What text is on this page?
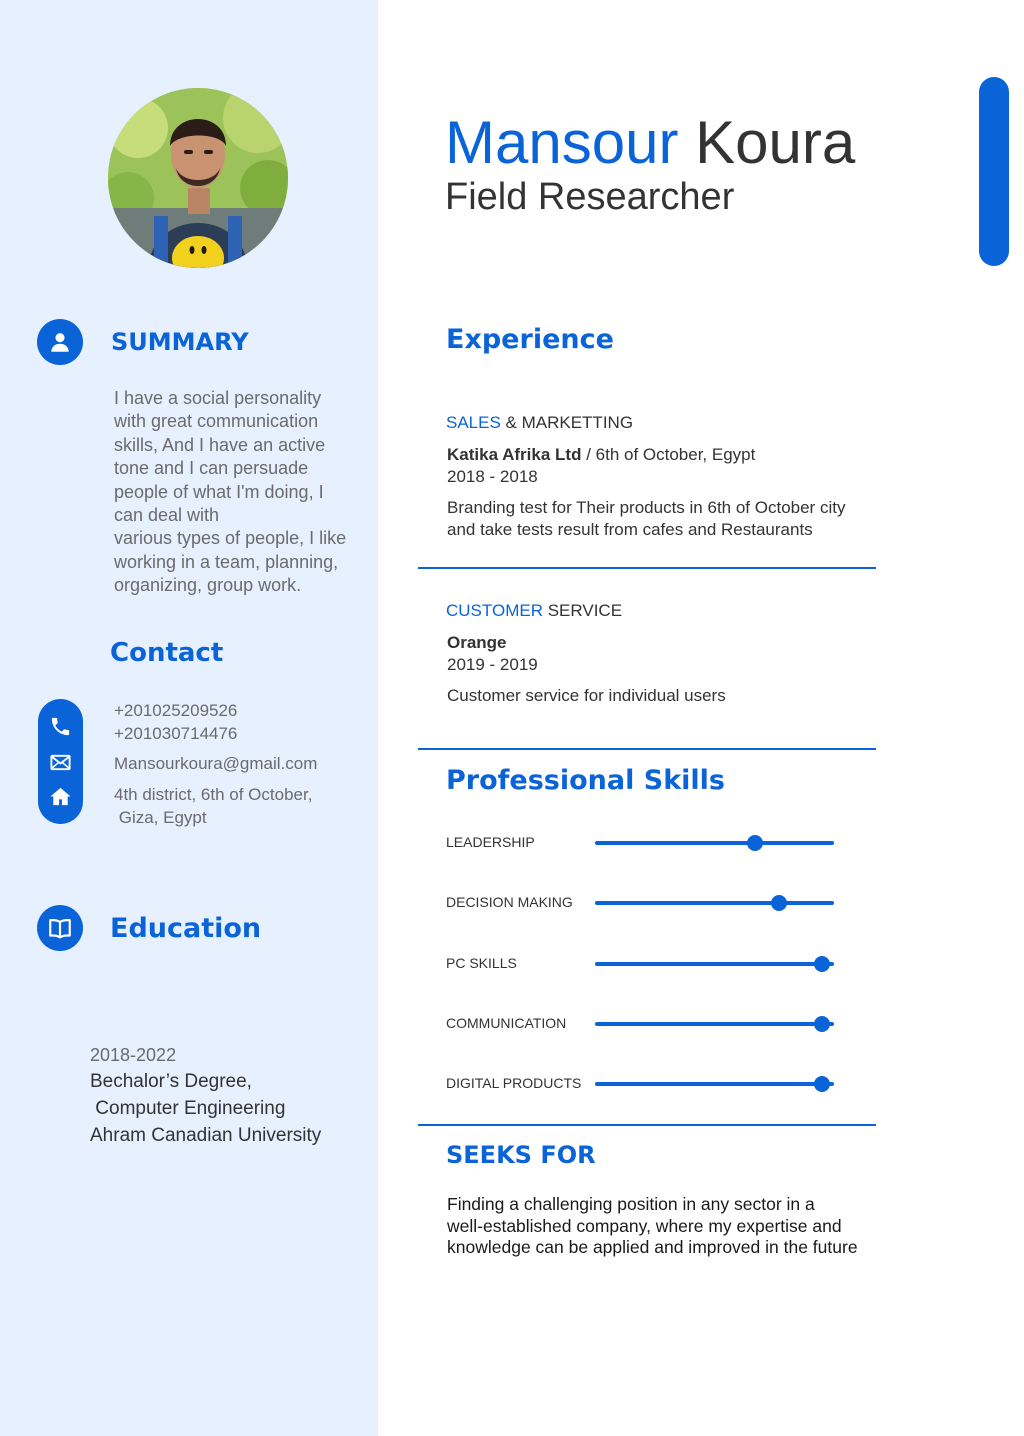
SUMMARY
I have a social personality
with great communication
skills, And I have an active
tone and I can persuade
people of what I'm doing, I
can deal with
various types of people, I like
working in a team, planning,
organizing, group work.
Contact
+201025209526
+201030714476
Mansourkoura@gmail.com
4th district, 6th of October,
Giza, Egypt
Education
2018-2022
Bechalor’s Degree,
Computer Engineering
Ahram Canadian University
Mansour Koura
Field Researcher
Experience
SALES & MARKETTING
Katika Afrika Ltd / 6th of October, Egypt
2018 - 2018
Branding test for Their products in 6th of October city
and take tests result from cafes and Restaurants
CUSTOMER SERVICE
Orange
2019 - 2019
Customer service for individual users
Professional Skills
LEADERSHIP
DECISION MAKING
PC SKILLS
COMMUNICATION
DIGITAL PRODUCTS
SEEKS FOR
Finding a challenging position in any sector in a
well-established company, where my expertise and
knowledge can be applied and improved in the future
